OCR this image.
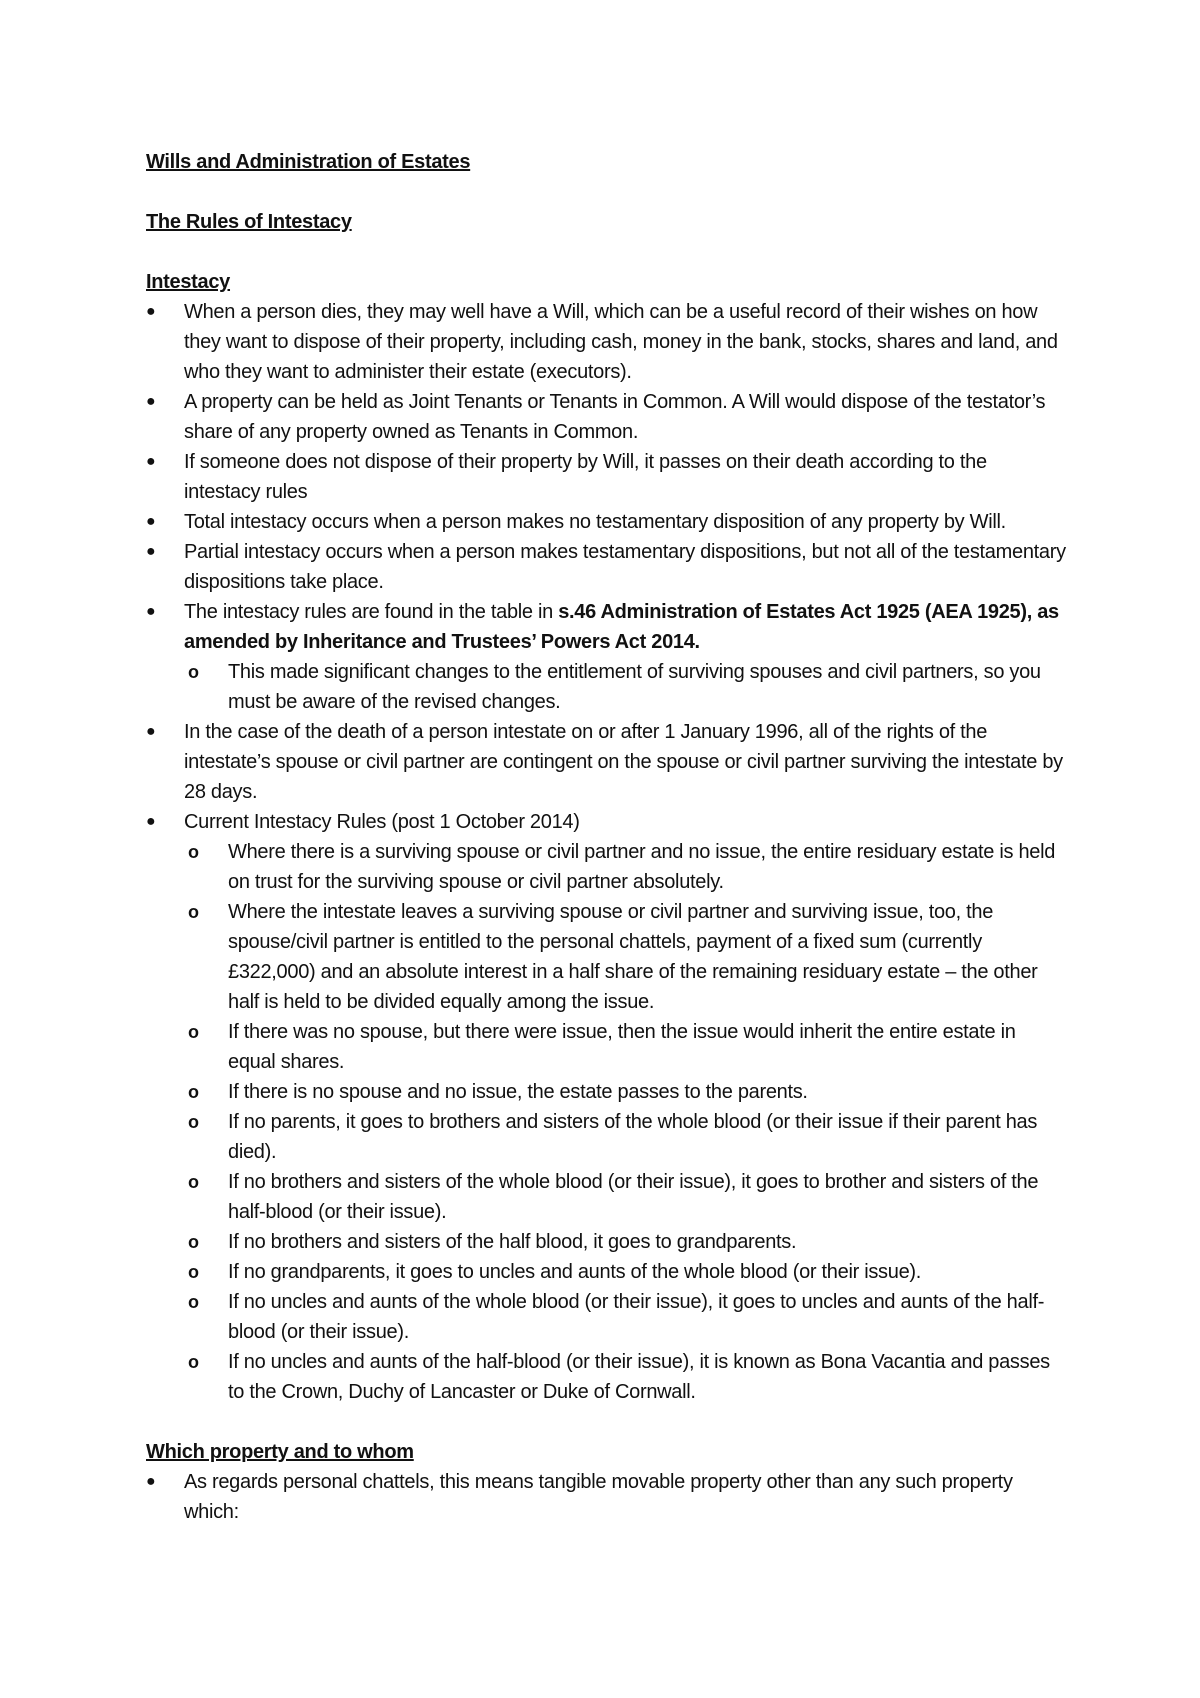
Wills and Administration of Estates

The Rules of Intestacy

Intestacy

●	When a person dies, they may well have a Will, which can be a useful record of their wishes on how they want to dispose of their property, including cash, money in the bank, stocks, shares and land, and who they want to administer their estate (executors).
●	A property can be held as Joint Tenants or Tenants in Common. A Will would dispose of the testator’s share of any property owned as Tenants in Common.
●	If someone does not dispose of their property by Will, it passes on their death according to the intestacy rules
●	Total intestacy occurs when a person makes no testamentary disposition of any property by Will.
●	Partial intestacy occurs when a person makes testamentary dispositions, but not all of the testamentary dispositions take place.
●	The intestacy rules are found in the table in s.46 Administration of Estates Act 1925 (AEA 1925), as amended by Inheritance and Trustees’ Powers Act 2014.
o This made significant changes to the entitlement of surviving spouses and civil partners, so you must be aware of the revised changes.
●	In the case of the death of a person intestate on or after 1 January 1996, all of the rights of the intestate’s spouse or civil partner are contingent on the spouse or civil partner surviving the intestate by 28 days.
●	Current Intestacy Rules (post 1 October 2014)
o Where there is a surviving spouse or civil partner and no issue, the entire residuary estate is held on trust for the surviving spouse or civil partner absolutely.
o Where the intestate leaves a surviving spouse or civil partner and surviving issue, too, the spouse/civil partner is entitled to the personal chattels, payment of a fixed sum (currently £322,000) and an absolute interest in a half share of the remaining residuary estate – the other half is held to be divided equally among the issue.
o If there was no spouse, but there were issue, then the issue would inherit the entire estate in equal shares.
o If there is no spouse and no issue, the estate passes to the parents.
o If no parents, it goes to brothers and sisters of the whole blood (or their issue if their parent has died).
o If no brothers and sisters of the whole blood (or their issue), it goes to brother and sisters of the half-blood (or their issue).
o If no brothers and sisters of the half blood, it goes to grandparents.
o If no grandparents, it goes to uncles and aunts of the whole blood (or their issue).
o If no uncles and aunts of the whole blood (or their issue), it goes to uncles and aunts of the half-blood (or their issue).
o If no uncles and aunts of the half-blood (or their issue), it is known as Bona Vacantia and passes to the Crown, Duchy of Lancaster or Duke of Cornwall.

Which property and to whom

●	As regards personal chattels, this means tangible movable property other than any such property which:
